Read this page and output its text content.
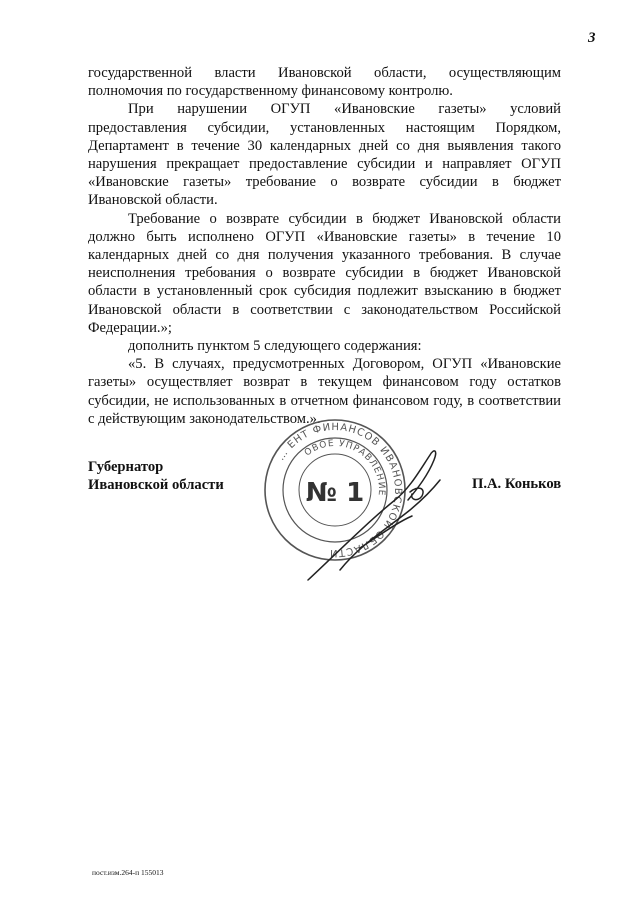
3

государственной власти Ивановской области, осуществляющим полномочия по государственному финансовому контролю.

При нарушении ОГУП «Ивановские газеты» условий предоставления субсидии, установленных настоящим Порядком, Департамент в течение 30 календарных дней со дня выявления такого нарушения прекращает предоставление субсидии и направляет ОГУП «Ивановские газеты» требование о возврате субсидии в бюджет Ивановской области.

Требование о возврате субсидии в бюджет Ивановской области должно быть исполнено ОГУП «Ивановские газеты» в течение 10 календарных дней со дня получения указанного требования. В случае неисполнения требования о возврате субсидии в бюджет Ивановской области в установленный срок субсидия подлежит взысканию в бюджет Ивановской области в соответствии с законодательством Российской Федерации.»;

дополнить пунктом 5 следующего содержания:

«5. В случаях, предусмотренных Договором, ОГУП «Ивановские газеты» осуществляет возврат в текущем финансовом году остатков субсидии, не использованных в отчетном финансовом году, в соответствии с действующим законодательством.».

Губернатор
Ивановской области
… ЕНТ ФИНАНСОВ ИВАНОВСКОЙ ОБЛАСТИ
ОВОЕ УПРАВЛЕНИЕ
№ 1	П.А. Коньков
пост.изм.264-п 155013
